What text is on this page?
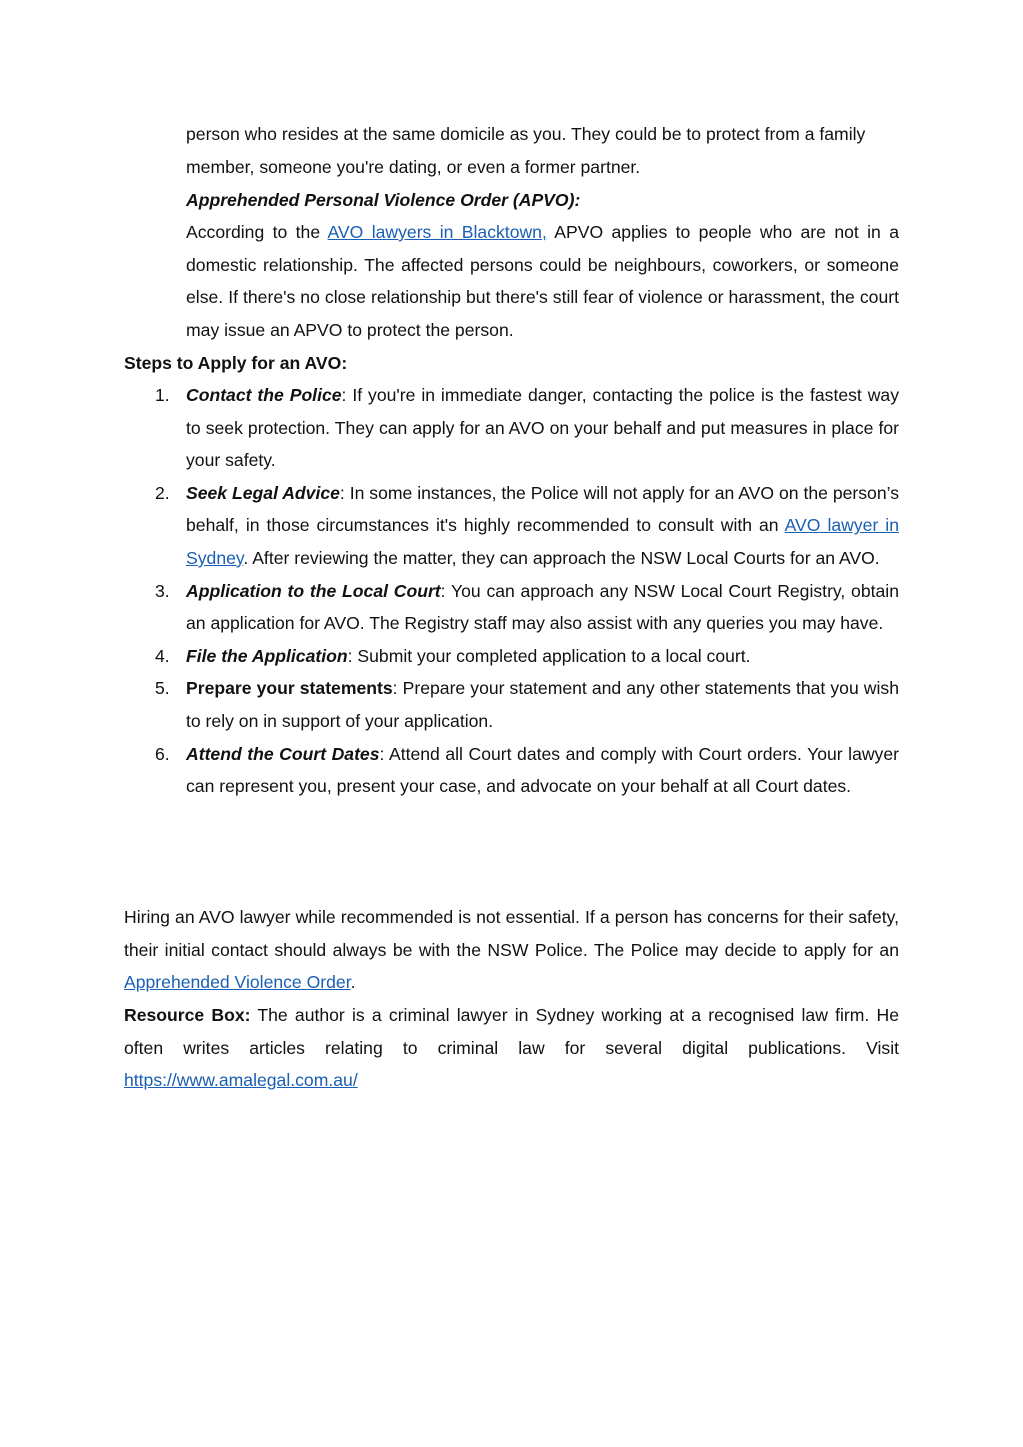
person who resides at the same domicile as you. They could be to protect from a family member, someone you're dating, or even a former partner.
Apprehended Personal Violence Order (APVO):
According to the AVO lawyers in Blacktown, APVO applies to people who are not in a domestic relationship. The affected persons could be neighbours, coworkers, or someone else. If there's no close relationship but there's still fear of violence or harassment, the court may issue an APVO to protect the person.
Steps to Apply for an AVO:
1. Contact the Police: If you're in immediate danger, contacting the police is the fastest way to seek protection. They can apply for an AVO on your behalf and put measures in place for your safety.
2. Seek Legal Advice: In some instances, the Police will not apply for an AVO on the person’s behalf, in those circumstances it's highly recommended to consult with an AVO lawyer in Sydney. After reviewing the matter, they can approach the NSW Local Courts for an AVO.
3. Application to the Local Court: You can approach any NSW Local Court Registry, obtain an application for AVO. The Registry staff may also assist with any queries you may have.
4. File the Application: Submit your completed application to a local court.
5. Prepare your statements: Prepare your statement and any other statements that you wish to rely on in support of your application.
6. Attend the Court Dates: Attend all Court dates and comply with Court orders. Your lawyer can represent you, present your case, and advocate on your behalf at all Court dates.
Hiring an AVO lawyer while recommended is not essential. If a person has concerns for their safety, their initial contact should always be with the NSW Police. The Police may decide to apply for an Apprehended Violence Order.
Resource Box: The author is a criminal lawyer in Sydney working at a recognised law firm. He often writes articles relating to criminal law for several digital publications. Visit https://www.amalegal.com.au/
